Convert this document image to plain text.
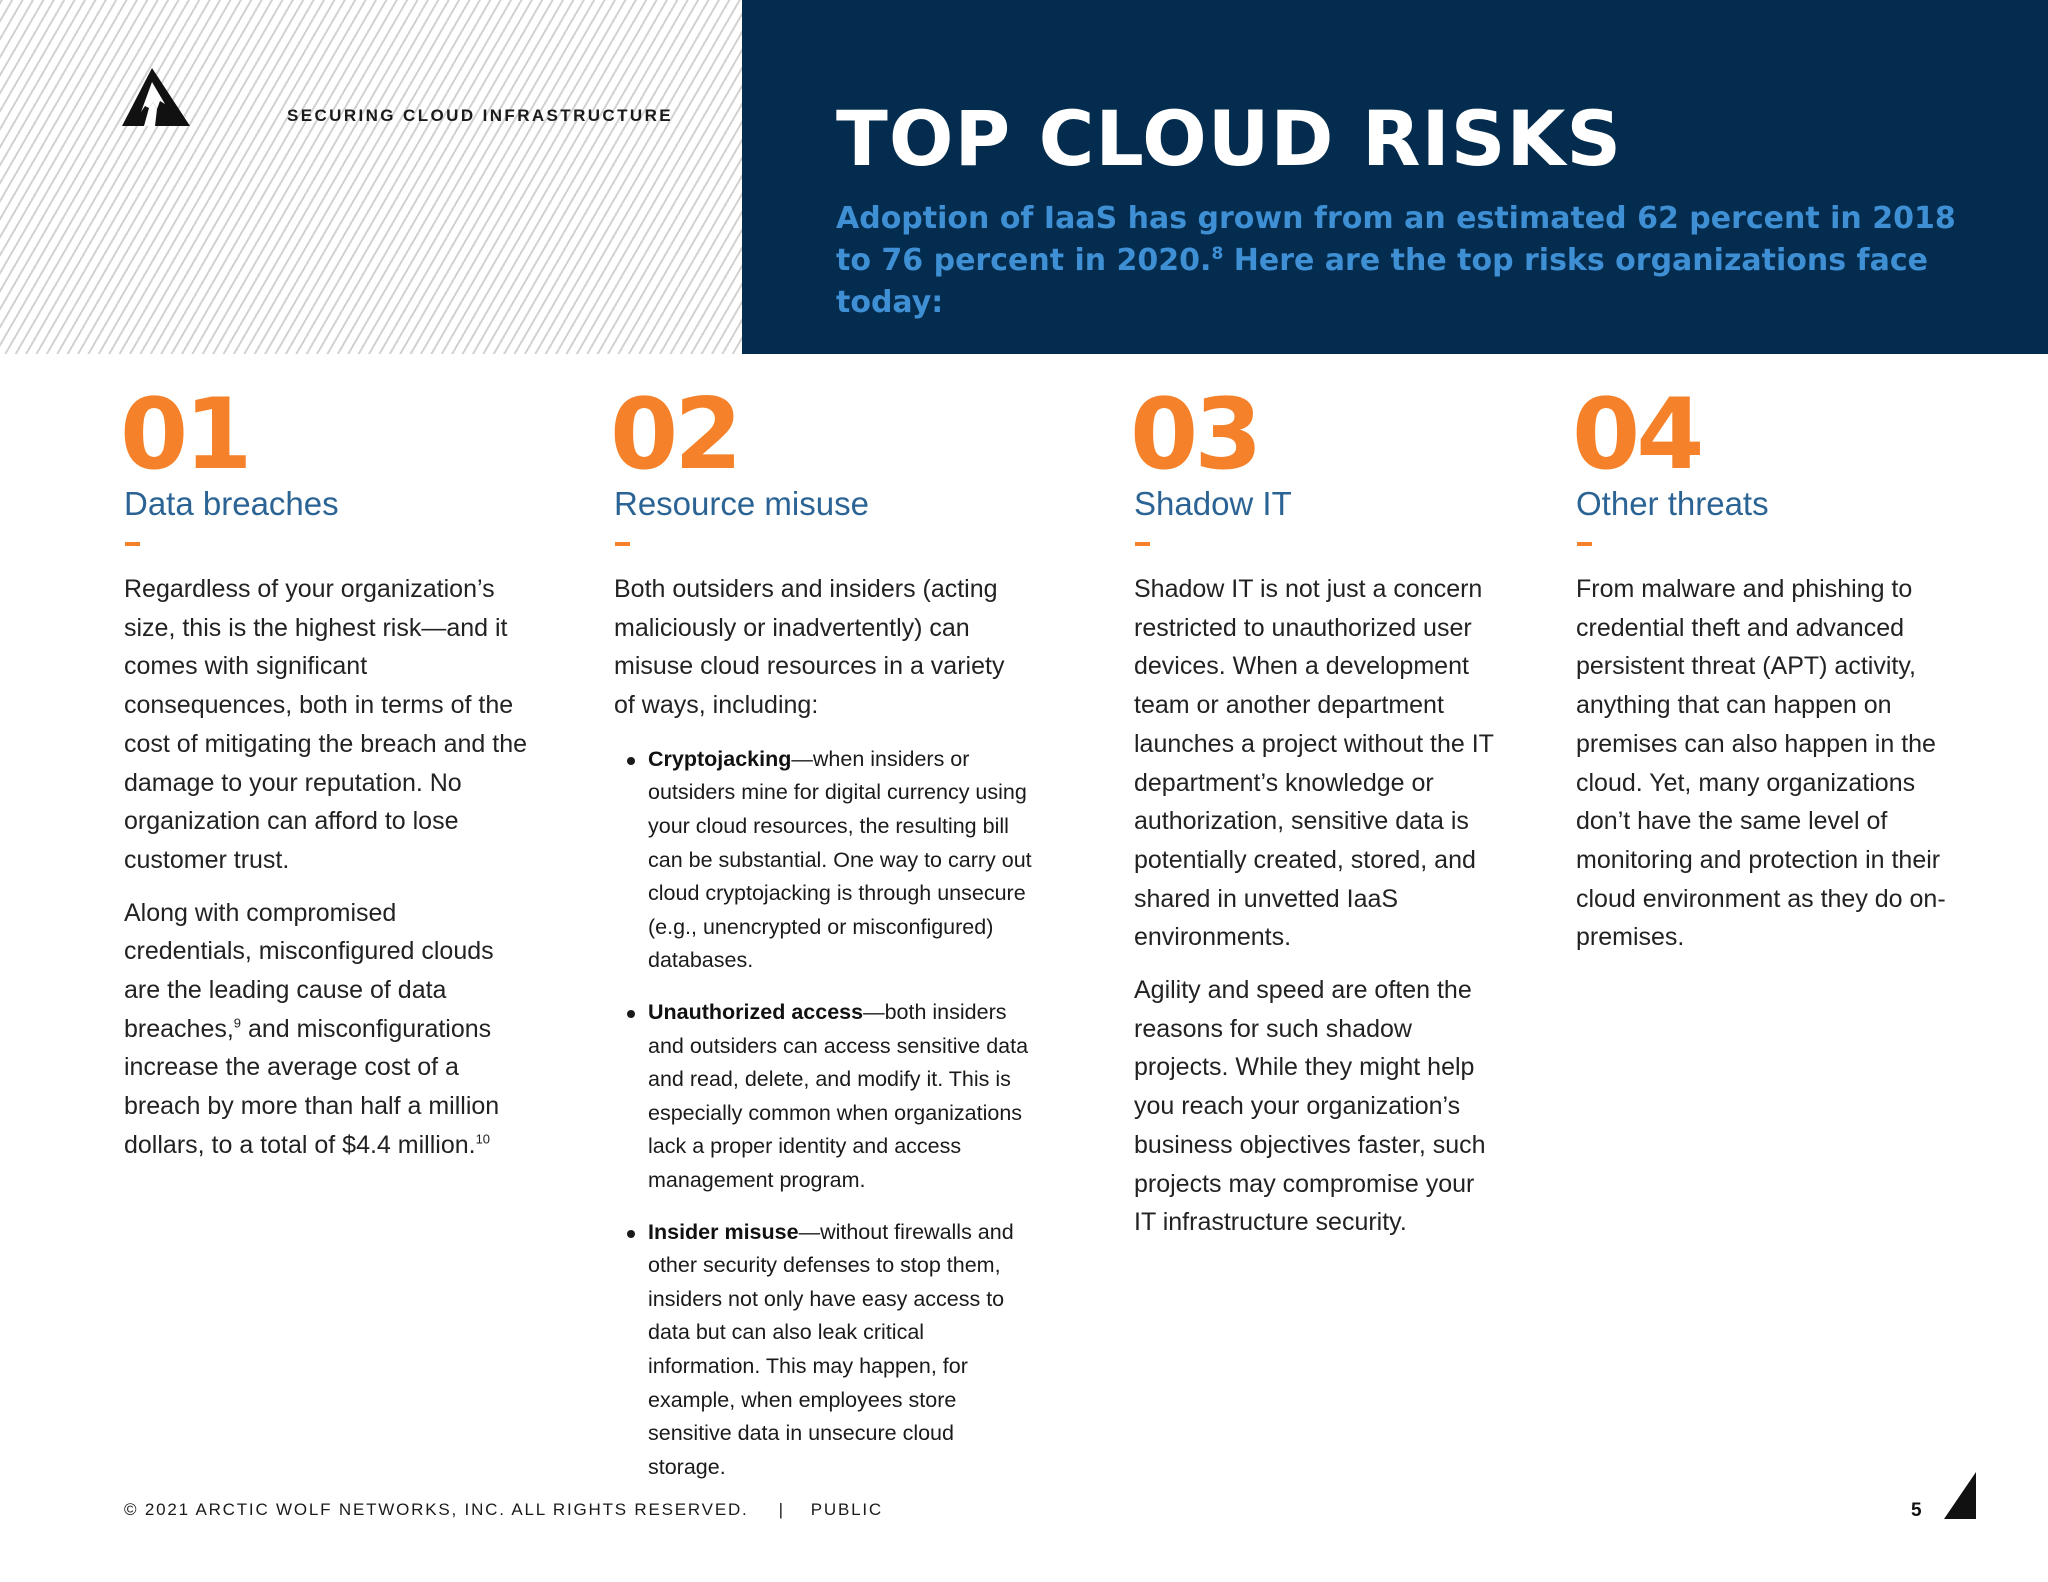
SECURING CLOUD INFRASTRUCTURE TOP CLOUD RISKS

Adoption of IaaS has grown from an estimated 62 percent in 2018 to 76 percent in 2020.$^8$ Here are the top risks organizations face today:

01
Data breaches

Regardless of your organization’s size, this is the highest risk—and it comes with significant consequences, both in terms of the cost of mitigating the breach and the damage to your reputation. No organization can afford to lose customer trust.

Along with compromised credentials, misconfigured clouds are the leading cause of data breaches,$^9$ and misconfigurations increase the average cost of a breach by more than half a million dollars, to a total of $4.4 million.$^{10}$

02
Resource misuse

Both outsiders and insiders (acting maliciously or inadvertently) can misuse cloud resources in a variety of ways, including:

Cryptojacking—when insiders or outsiders mine for digital currency using your cloud resources, the resulting bill can be substantial. One way to carry out cloud cryptojacking is through unsecure (e.g., unencrypted or misconfigured) databases.
Unauthorized access—both insiders and outsiders can access sensitive data and read, delete, and modify it. This is especially common when organizations lack a proper identity and access management program.
Insider misuse—without firewalls and other security defenses to stop them, insiders not only have easy access to data but can also leak critical information. This may happen, for example, when employees store sensitive data in unsecure cloud storage.
03
Shadow IT

Shadow IT is not just a concern restricted to unauthorized user devices. When a development team or another department launches a project without the IT department’s knowledge or authorization, sensitive data is potentially created, stored, and shared in unvetted IaaS environments.

Agility and speed are often the reasons for such shadow projects. While they might help you reach your organization’s business objectives faster, such projects may compromise your IT infrastructure security.

04
Other threats

From malware and phishing to credential theft and advanced persistent threat (APT) activity, anything that can happen on premises can also happen in the cloud. Yet, many organizations don’t have the same level of monitoring and protection in their cloud environment as they do on-premises.

© 2021 ARCTIC WOLF NETWORKS, INC. ALL RIGHTS RESERVED. | PUBLIC	5
